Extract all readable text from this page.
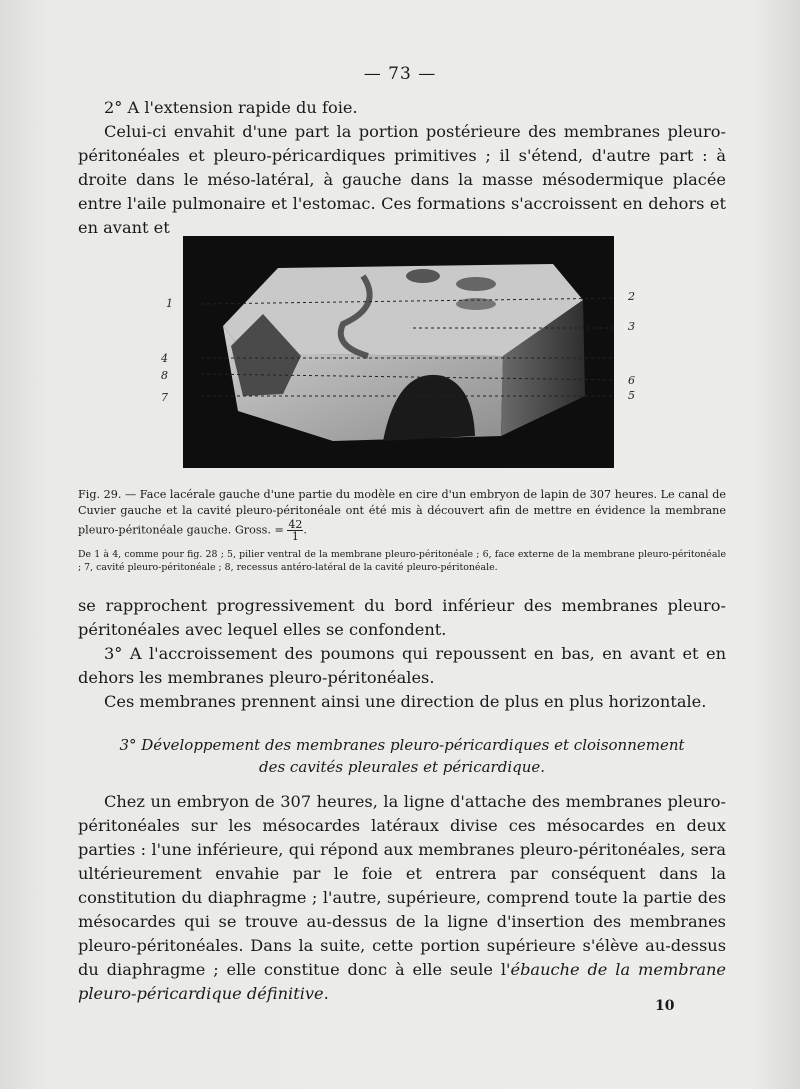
— 73 —

2° A l'extension rapide du foie.

Celui-ci envahit d'une part la portion postérieure des membranes pleuro-péritonéales et pleuro-péricardiques primitives ; il s'étend, d'autre part : à droite dans le méso-latéral, à gauche dans la masse mésodermique placée entre l'aile pulmonaire et l'estomac. Ces formations s'accroissent en dehors et en avant et

1
4
8
7
2
3
6
5

Fig. 29. — Face lacérale gauche d'une partie du modèle en cire d'un embryon de lapin de 307 heures. Le canal de Cuvier gauche et la cavité pleuro-péritonéale ont été mis à découvert afin de mettre en évidence la membrane pleuro-péritonéale gauche. Gross. = $\frac{42}{1}$ .

De 1 à 4, comme pour fig. 28 ; 5, pilier ventral de la membrane pleuro-péritonéale ; 6, face externe de la membrane pleuro-péritonéale ; 7, cavité pleuro-péritonéale ; 8, recessus antéro-latéral de la cavité pleuro-péritonéale.

se rapprochent progressivement du bord inférieur des membranes pleuro-péritonéales avec lequel elles se confondent.

3° A l'accroissement des poumons qui repoussent en bas, en avant et en dehors les membranes pleuro-péritonéales.

Ces membranes prennent ainsi une direction de plus en plus horizontale.

3° Développement des membranes pleuro-péricardiques et cloisonnement
des cavités pleurales et péricardique.

Chez un embryon de 307 heures, la ligne d'attache des membranes pleuro-péritonéales sur les mésocardes latéraux divise ces mésocardes en deux parties : l'une inférieure, qui répond aux membranes pleuro-péritonéales, sera ultérieurement envahie par le foie et entrera par conséquent dans la constitution du diaphragme ; l'autre, supérieure, comprend toute la partie des mésocardes qui se trouve au-dessus de la ligne d'insertion des membranes pleuro-péritonéales. Dans la suite, cette portion supérieure s'élève au-dessus du diaphragme ; elle constitue donc à elle seule l'ébauche de la membrane pleuro-péricardique définitive.

10
